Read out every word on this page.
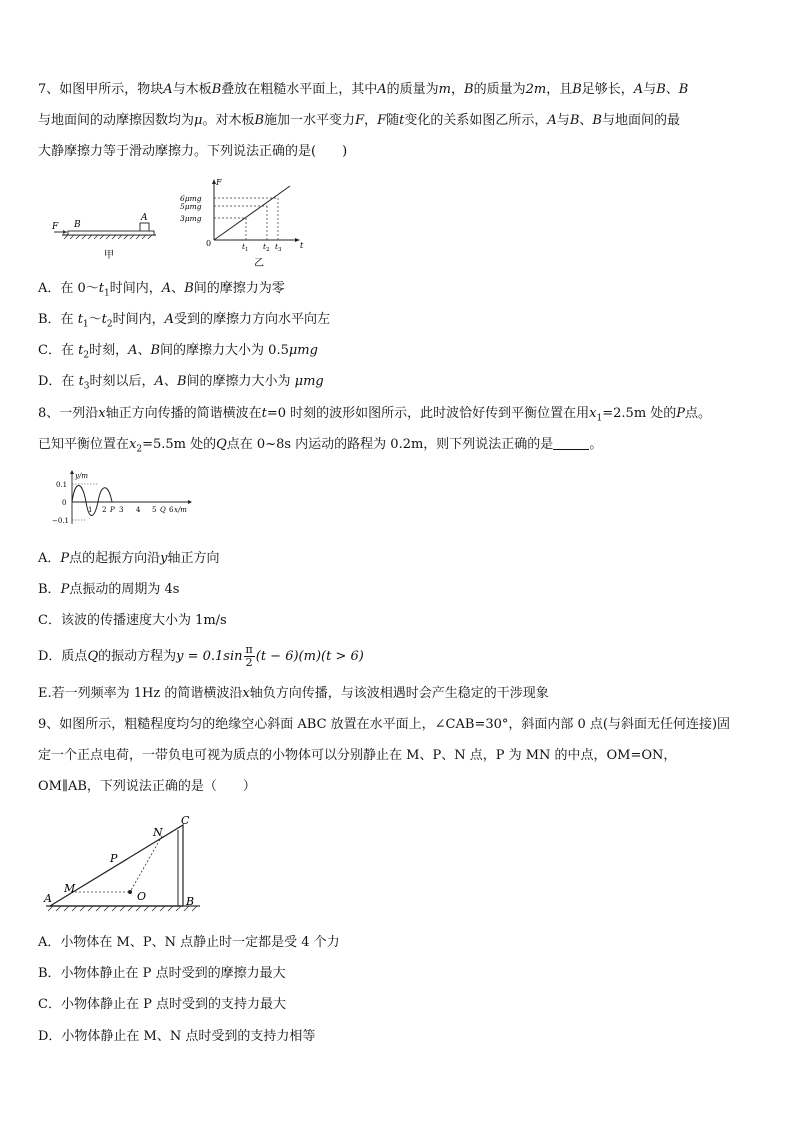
7、如图甲所示，物块A与木板B叠放在粗糙水平面上，其中A的质量为m，B的质量为2m，且B足够长，A与B、B
与地面间的动摩擦因数均为μ。对木板B施加一水平变力F，F随t变化的关系如图乙所示，A与B、B与地面间的最
大静摩擦力等于滑动摩擦力。下列说法正确的是(　　)
F B
A
甲
F
t
0
6μmg
5μmg
3μmg
$t_1$ $t_2$ $t_3$
乙
A．在 $0\sim t_1$时间内，A、B间的摩擦力为零
B．在 $t_1\sim t_2$时间内，A受到的摩擦力方向水平向左
C．在 $t_2$时刻，A、B间的摩擦力大小为 0.5μmg
D．在 $t_3$时刻以后，A、B间的摩擦力大小为 μmg
8、一列沿x轴正方向传播的简谐横波在t=0 时刻的波形如图所示，此时波恰好传到平衡位置在用$x_1=2.5m$ 处的P点。
已知平衡位置在$x_2=5.5m$ 处的Q点在 0~8s 内运动的路程为 0.2m，则下列说法正确的是	。
y/m
0.1
0
−0.1
1 2 P 3 4 5 Q 6 x/m
A．P点的起振方向沿y轴正方向
B．P点振动的周期为 4s
C．该波的传播速度大小为 1m/s
D．质点Q的振动方程为$y = 0.1\sin \frac{\pi}{2} (t - 6)(m)(t > 6)$
E.若一列频率为 1Hz 的简谐横波沿x轴负方向传播，与该波相遇时会产生稳定的干涉现象
9、如图所示，粗糙程度均匀的绝缘空心斜面 ABC 放置在水平面上，∠CAB=30°，斜面内部 0 点(与斜面无任何连接)固
定一个正点电荷，一带负电可视为质点的小物体可以分别静止在 M、P、N 点，P 为 MN 的中点，OM=ON，
OM∥AB，下列说法正确的是（　　）
A	B
C
M
P
N
O
A．小物体在 M、P、N 点静止时一定都是受 4 个力
B．小物体静止在 P 点时受到的摩擦力最大
C．小物体静止在 P 点时受到的支持力最大
D．小物体静止在 M、N 点时受到的支持力相等
